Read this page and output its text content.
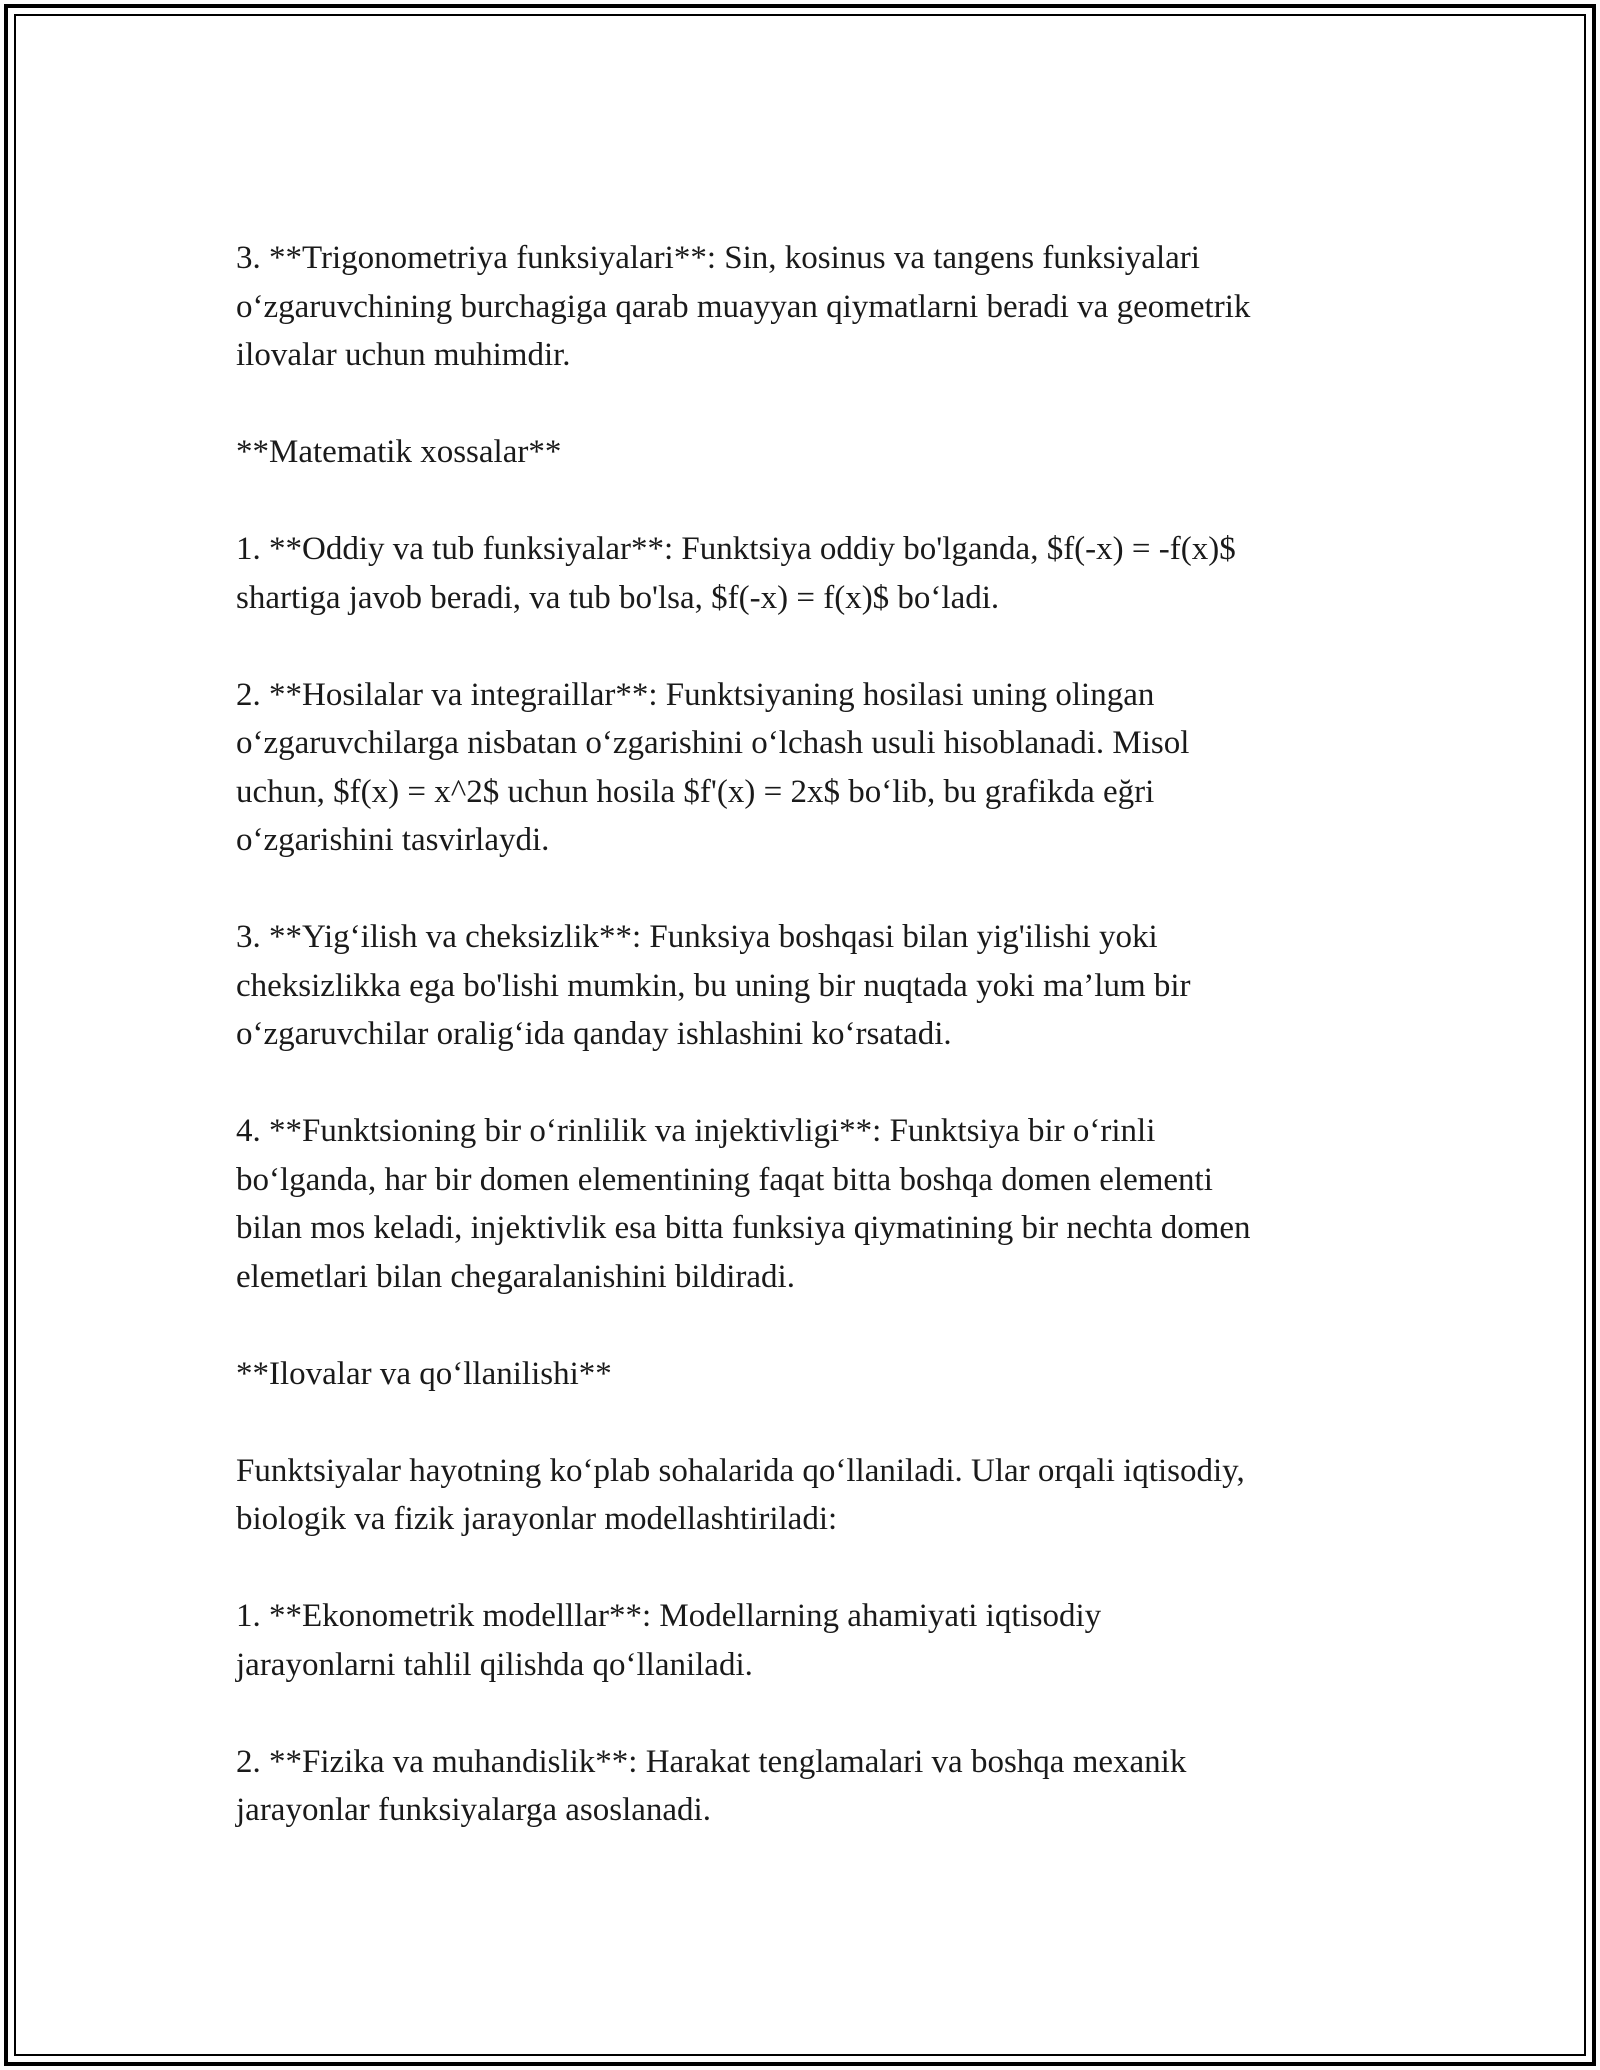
3. **Trigonometriya funksiyalari**: Sin, kosinus va tangens funksiyalari
o‘zgaruvchining burchagiga qarab muayyan qiymatlarni beradi va geometrik
ilovalar uchun muhimdir.

**Matematik xossalar**

1. **Oddiy va tub funksiyalar**: Funktsiya oddiy bo'lganda, $f(-x) = -f(x)$
shartiga javob beradi, va tub bo'lsa, $f(-x) = f(x)$ bo‘ladi.

2. **Hosilalar va integraillar**: Funktsiyaning hosilasi uning olingan
o‘zgaruvchilarga nisbatan o‘zgarishini o‘lchash usuli hisoblanadi. Misol
uchun, $f(x) = x^2$ uchun hosila $f'(x) = 2x$ bo‘lib, bu grafikda eğri
o‘zgarishini tasvirlaydi.

3. **Yig‘ilish va cheksizlik**: Funksiya boshqasi bilan yig'ilishi yoki
cheksizlikka ega bo'lishi mumkin, bu uning bir nuqtada yoki ma’lum bir
o‘zgaruvchilar oralig‘ida qanday ishlashini ko‘rsatadi.

4. **Funktsioning bir o‘rinlilik va injektivligi**: Funktsiya bir o‘rinli
bo‘lganda, har bir domen elementining faqat bitta boshqa domen elementi
bilan mos keladi, injektivlik esa bitta funksiya qiymatining bir nechta domen
elemetlari bilan chegaralanishini bildiradi.

**Ilovalar va qo‘llanilishi**

Funktsiyalar hayotning ko‘plab sohalarida qo‘llaniladi. Ular orqali iqtisodiy,
biologik va fizik jarayonlar modellashtiriladi:

1. **Ekonometrik modelllar**: Modellarning ahamiyati iqtisodiy
jarayonlarni tahlil qilishda qo‘llaniladi.

2. **Fizika va muhandislik**: Harakat tenglamalari va boshqa mexanik
jarayonlar funksiyalarga asoslanadi.
